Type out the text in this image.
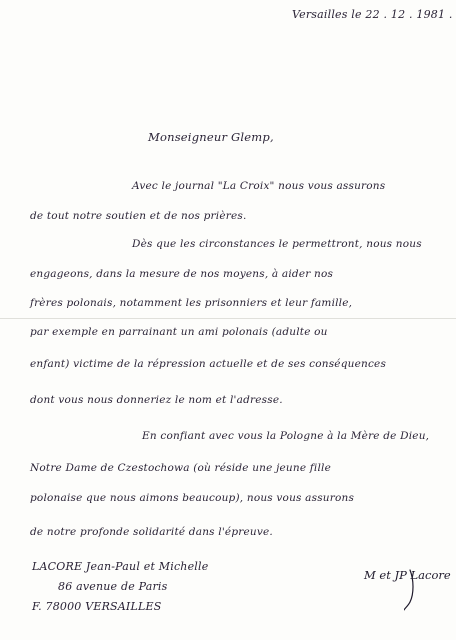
Versailles le 22 . 12 . 1981 .
Monseigneur Glemp,
Avec le journal "La Croix" nous vous assurons
de tout notre soutien et de nos prières.
Dès que les circonstances le permettront, nous nous
engageons, dans la mesure de nos moyens, à aider nos
frères polonais, notamment les prisonniers et leur famille,
par exemple en parrainant un ami polonais (adulte ou
enfant) victime de la répression actuelle et de ses conséquences
dont vous nous donneriez le nom et l'adresse.
En confiant avec vous la Pologne à la Mère de Dieu,
Notre Dame de Czestochowa (où réside une jeune fille
polonaise que nous aimons beaucoup), nous vous assurons
de notre profonde solidarité dans l'épreuve.
LACORE Jean-Paul et Michelle
86 avenue de Paris
F. 78000 VERSAILLES
M et JP Lacore
